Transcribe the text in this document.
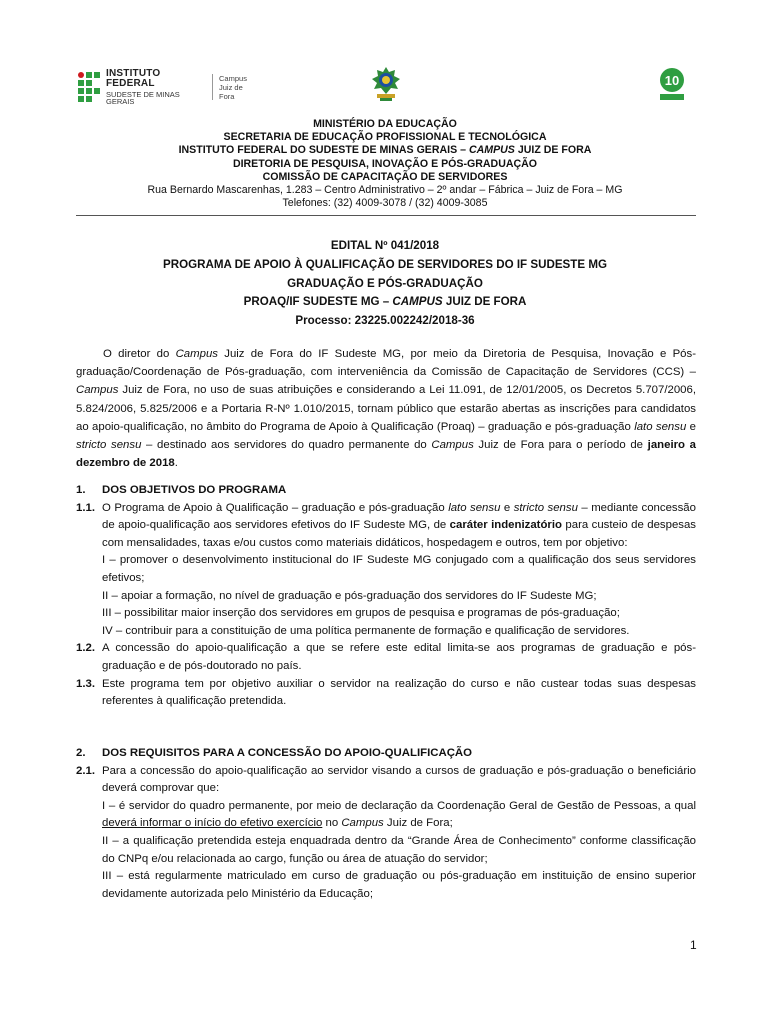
INSTITUTO FEDERAL
SUDESTE DE MINAS GERAIS
Campus
Juiz de Fora
10
MINISTÉRIO DA EDUCAÇÃO
SECRETARIA DE EDUCAÇÃO PROFISSIONAL E TECNOLÓGICA
INSTITUTO FEDERAL DO SUDESTE DE MINAS GERAIS – CAMPUS JUIZ DE FORA
DIRETORIA DE PESQUISA, INOVAÇÃO E PÓS-GRADUAÇÃO
COMISSÃO DE CAPACITAÇÃO DE SERVIDORES
Rua Bernardo Mascarenhas, 1.283 – Centro Administrativo – 2º andar – Fábrica – Juiz de Fora – MG
Telefones: (32) 4009-3078 / (32) 4009-3085
EDITAL Nº 041/2018
PROGRAMA DE APOIO À QUALIFICAÇÃO DE SERVIDORES DO IF SUDESTE MG
GRADUAÇÃO E PÓS-GRADUAÇÃO
PROAQ/IF SUDESTE MG – CAMPUS JUIZ DE FORA
Processo: 23225.002242/2018-36

O diretor do Campus Juiz de Fora do IF Sudeste MG, por meio da Diretoria de Pesquisa, Inovação e Pós-graduação/Coordenação de Pós-graduação, com interveniência da Comissão de Capacitação de Servidores (CCS) – Campus Juiz de Fora, no uso de suas atribuições e considerando a Lei 11.091, de 12/01/2005, os Decretos 5.707/2006, 5.824/2006, 5.825/2006 e a Portaria R-Nº 1.010/2015, tornam público que estarão abertas as inscrições para candidatos ao apoio-qualificação, no âmbito do Programa de Apoio à Qualificação (Proaq) – graduação e pós-graduação lato sensu e stricto sensu – destinado aos servidores do quadro permanente do Campus Juiz de Fora para o período de janeiro a dezembro de 2018.

1.	DOS OBJETIVOS DO PROGRAMA
1.1. O Programa de Apoio à Qualificação – graduação e pós-graduação lato sensu e stricto sensu – mediante concessão de apoio-qualificação aos servidores efetivos do IF Sudeste MG, de caráter indenizatório para custeio de despesas com mensalidades, taxas e/ou custos como materiais didáticos, hospedagem e outros, tem por objetivo:
I – promover o desenvolvimento institucional do IF Sudeste MG conjugado com a qualificação dos seus servidores efetivos;
II – apoiar a formação, no nível de graduação e pós-graduação dos servidores do IF Sudeste MG;
III – possibilitar maior inserção dos servidores em grupos de pesquisa e programas de pós-graduação;
IV – contribuir para a constituição de uma política permanente de formação e qualificação de servidores.
1.2. A concessão do apoio-qualificação a que se refere este edital limita-se aos programas de graduação e pós-graduação e de pós-doutorado no país.
1.3. Este programa tem por objetivo auxiliar o servidor na realização do curso e não custear todas suas despesas referentes à qualificação pretendida.
2.	DOS REQUISITOS PARA A CONCESSÃO DO APOIO-QUALIFICAÇÃO
2.1. Para a concessão do apoio-qualificação ao servidor visando a cursos de graduação e pós-graduação o beneficiário deverá comprovar que:
I – é servidor do quadro permanente, por meio de declaração da Coordenação Geral de Gestão de Pessoas, a qual deverá informar o início do efetivo exercício no Campus Juiz de Fora;
II – a qualificação pretendida esteja enquadrada dentro da “Grande Área de Conhecimento” conforme classificação do CNPq e/ou relacionada ao cargo, função ou área de atuação do servidor;
III – está regularmente matriculado em curso de graduação ou pós-graduação em instituição de ensino superior devidamente autorizada pelo Ministério da Educação;
1
